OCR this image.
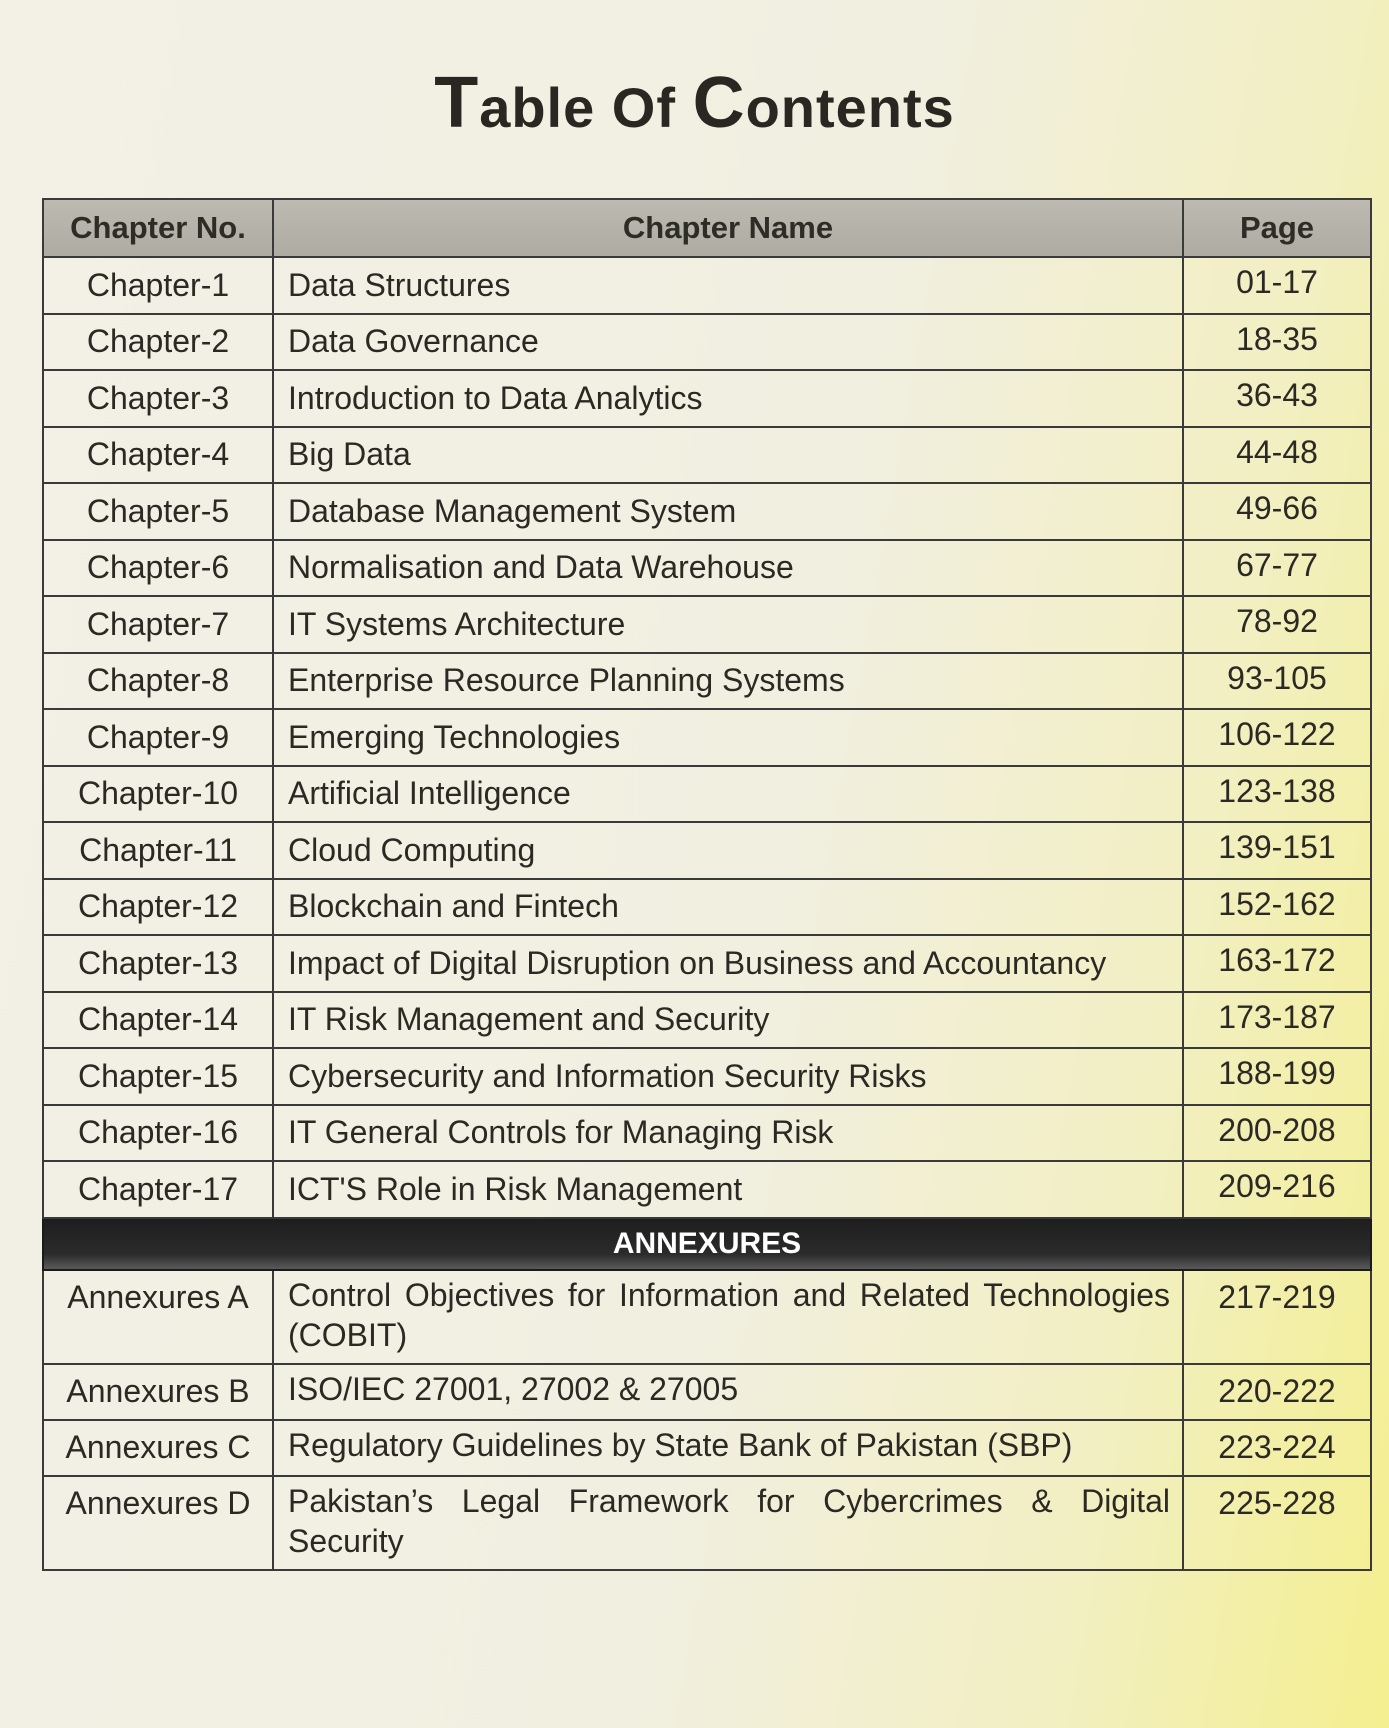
Table Of Contents
Chapter No.	Chapter Name	Page
Chapter-1	Data Structures	01-17
Chapter-2	Data Governance	18-35
Chapter-3	Introduction to Data Analytics	36-43
Chapter-4	Big Data	44-48
Chapter-5	Database Management System	49-66
Chapter-6	Normalisation and Data Warehouse	67-77
Chapter-7	IT Systems Architecture	78-92
Chapter-8	Enterprise Resource Planning Systems	93-105
Chapter-9	Emerging Technologies	106-122
Chapter-10	Artificial Intelligence	123-138
Chapter-11	Cloud Computing	139-151
Chapter-12	Blockchain and Fintech	152-162
Chapter-13	Impact of Digital Disruption on Business and Accountancy	163-172
Chapter-14	IT Risk Management and Security	173-187
Chapter-15	Cybersecurity and Information Security Risks	188-199
Chapter-16	IT General Controls for Managing Risk	200-208
Chapter-17	ICT'S Role in Risk Management	209-216
ANNEXURES		
Annexures A	Control Objectives for Information and Related Technologies (COBIT)	217-219
Annexures B	ISO/IEC 27001, 27002 & 27005	220-222
Annexures C	Regulatory Guidelines by State Bank of Pakistan (SBP)	223-224
Annexures D	Pakistan’s Legal Framework for Cybercrimes & Digital Security	225-228
